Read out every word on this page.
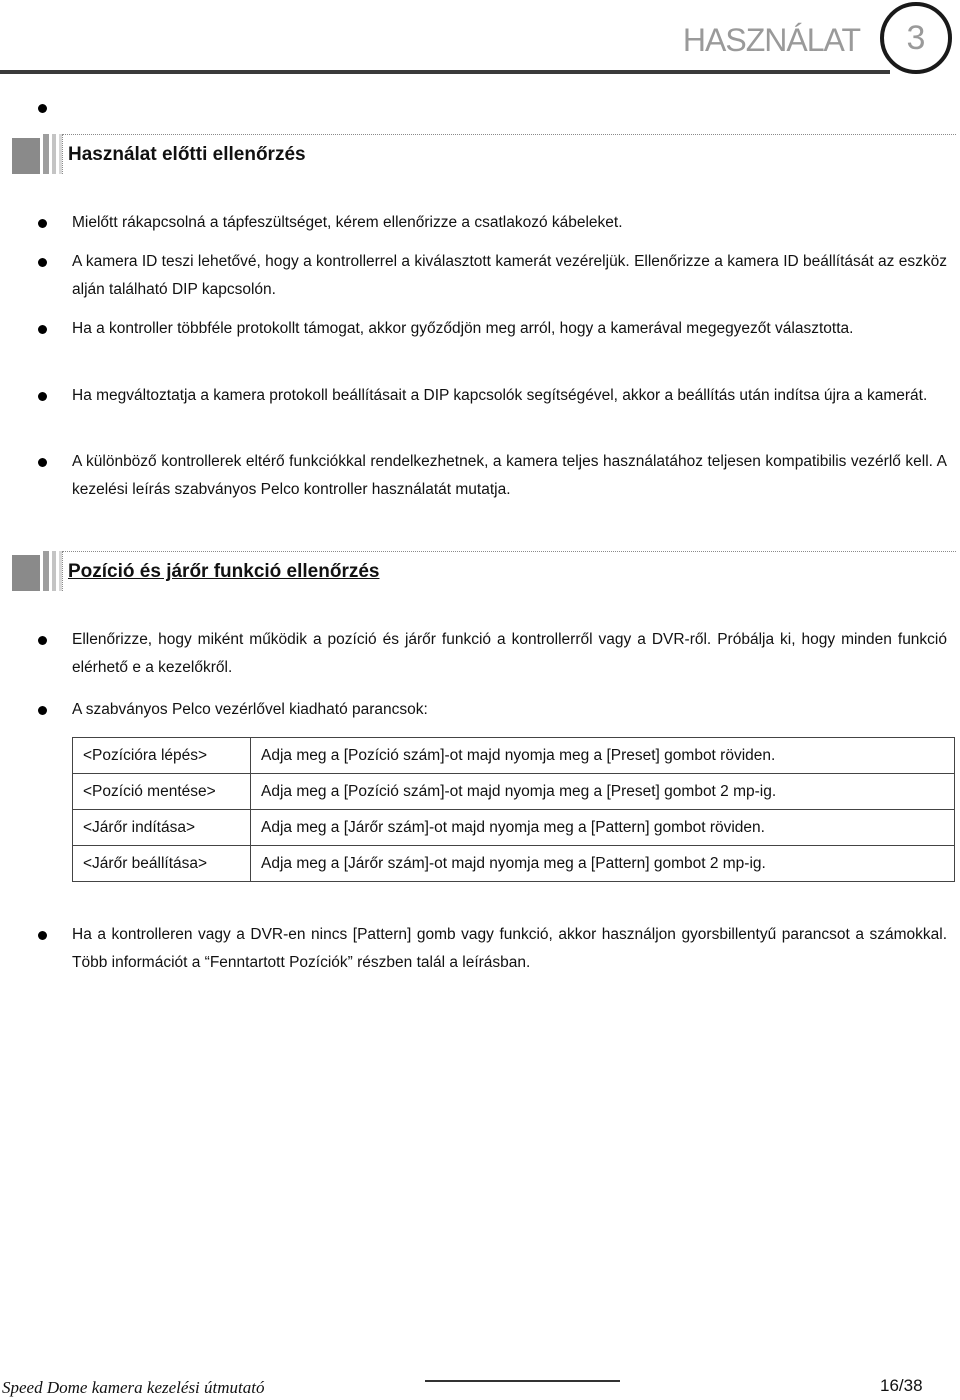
HASZNÁLAT	3
Használat előtti ellenőrzés
Mielőtt rákapcsolná a tápfeszültséget, kérem ellenőrizze a csatlakozó kábeleket.
A kamera ID teszi lehetővé, hogy a kontrollerrel a kiválasztott kamerát vezéreljük. Ellenőrizze a kamera ID beállítását az eszköz alján található DIP kapcsolón.
Ha a kontroller többféle protokollt támogat, akkor győződjön meg arról, hogy a kamerával megegyezőt választotta.
Ha megváltoztatja a kamera protokoll beállításait a DIP kapcsolók segítségével, akkor a beállítás után indítsa újra a kamerát.
A különböző kontrollerek eltérő funkciókkal rendelkezhetnek, a kamera teljes használatához teljesen kompatibilis vezérlő kell. A kezelési leírás szabványos Pelco kontroller használatát mutatja.
Pozíció és járőr funkció ellenőrzés
Ellenőrizze, hogy miként működik a pozíció és járőr funkció a kontrollerről vagy a DVR-ről. Próbálja ki, hogy minden funkció elérhető e a kezelőkről.
A szabványos Pelco vezérlővel kiadható parancsok:
<Pozícióra lépés>	Adja meg a [Pozíció szám]-ot majd nyomja meg a [Preset] gombot röviden.
<Pozíció mentése>	Adja meg a [Pozíció szám]-ot majd nyomja meg a [Preset] gombot 2 mp-ig.
<Járőr indítása>	Adja meg a [Járőr szám]-ot majd nyomja meg a [Pattern] gombot röviden.
<Járőr beállítása>	Adja meg a [Járőr szám]-ot majd nyomja meg a [Pattern] gombot 2 mp-ig.
Ha a kontrolleren vagy a DVR-en nincs [Pattern] gomb vagy funkció, akkor használjon gyorsbillentyű parancsot a számokkal. Több információt a “Fenntartott Pozíciók” részben talál a leírásban.
Speed Dome kamera kezelési útmutató	16/38
